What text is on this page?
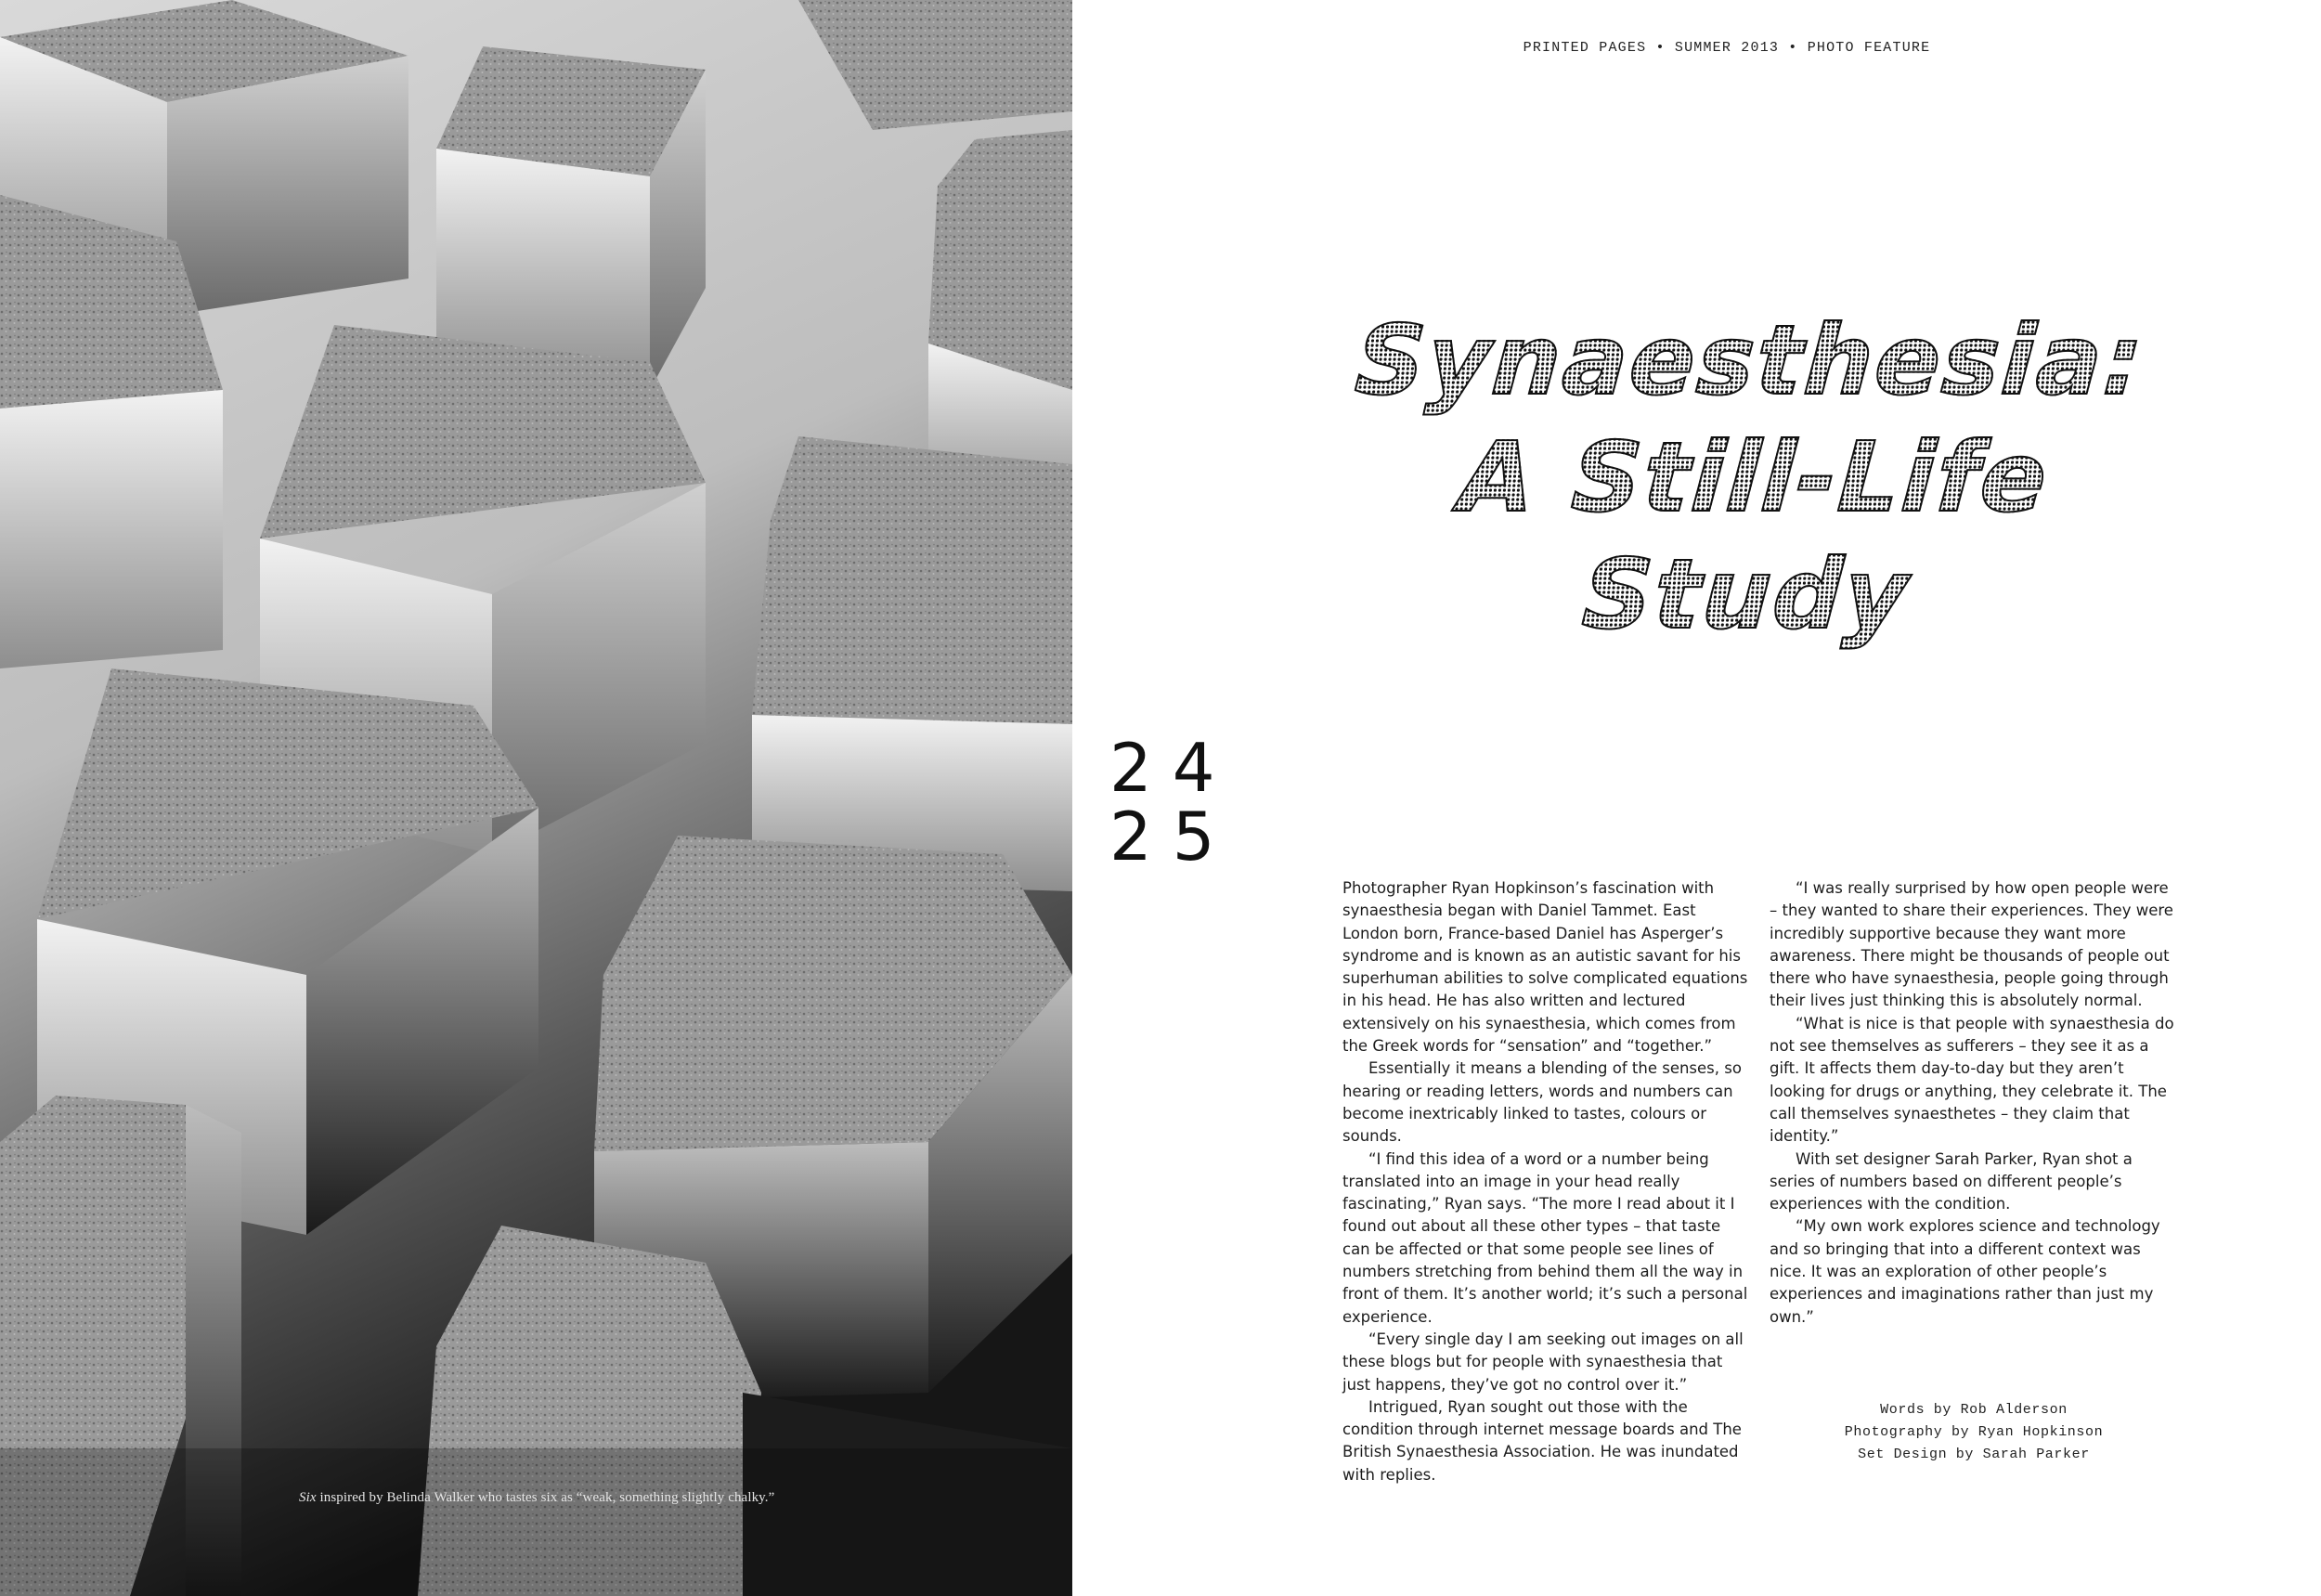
Six inspired by Belinda Walker who tastes six as “weak, something slightly chalky.”
PRINTED PAGES • SUMMER 2013 • PHOTO FEATURE
Synaesthesia:
A Still-Life Study
24
25

Photographer Ryan Hopkinson’s fascination with synaesthesia began with Daniel Tammet. East London born, France-based Daniel has Asperger’s syndrome and is known as an autistic savant for his superhuman abilities to solve complicated equations in his head. He has also written and lectured extensively on his synaesthesia, which comes from the Greek words for “sensation” and “together.”

Essentially it means a blending of the senses, so hearing or reading letters, words and numbers can become inextricably linked to tastes, colours or sounds.

“I find this idea of a word or a number being translated into an image in your head really fascinating,” Ryan says. “The more I read about it I found out about all these other types – that taste can be affected or that some people see lines of numbers stretching from behind them all the way in front of them. It’s another world; it’s such a personal experience.

“Every single day I am seeking out images on all these blogs but for people with synaesthesia that just happens, they’ve got no control over it.”

Intrigued, Ryan sought out those with the condition through internet message boards and The British Synaesthesia Association. He was inundated with replies.

“I was really surprised by how open people were – they wanted to share their experiences. They were incredibly supportive because they want more awareness. There might be thousands of people out there who have synaesthesia, people going through their lives just thinking this is absolutely normal.

“What is nice is that people with synaesthesia do not see themselves as sufferers – they see it as a gift. It affects them day-to-day but they aren’t looking for drugs or anything, they celebrate it. The call themselves synaesthetes – they claim that identity.”

With set designer Sarah Parker, Ryan shot a series of numbers based on different people’s experiences with the condition.

“My own work explores science and technology and so bringing that into a different context was nice. It was an exploration of other people’s experiences and imaginations rather than just my own.”

Words by Rob Alderson
Photography by Ryan Hopkinson
Set Design by Sarah Parker
